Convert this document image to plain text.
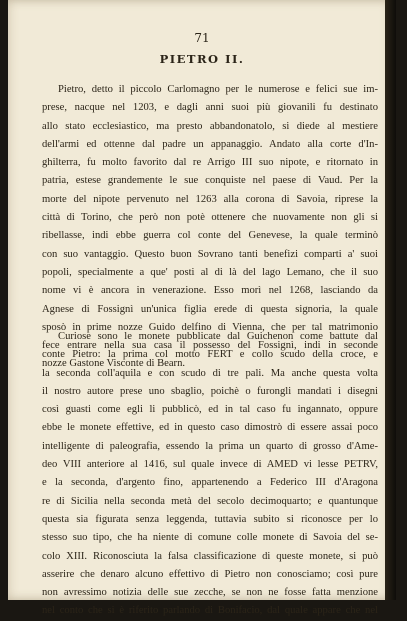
71

PIETRO II.
Pietro, detto il piccolo Carlomagno per le numerose e felici sue im-
prese, nacque nel 1203, e dagli anni suoi più giovanili fu destinato
allo stato ecclesiastico, ma presto abbandonatolo, si diede al mestiere
dell'armi ed ottenne dal padre un appanaggio. Andato alla corte d'In-
ghilterra, fu molto favorito dal re Arrigo III suo nipote, e ritornato in
patria, estese grandemente le sue conquiste nel paese di Vaud. Per la
morte del nipote pervenuto nel 1263 alla corona di Savoia, riprese la
città di Torino, che però non potè ottenere che nuovamente non gli si
ribellasse, indi ebbe guerra col conte del Genevese, la quale terminò
con suo vantaggio. Questo buon Sovrano tanti benefizi comparti a' suoi
popoli, specialmente a que' posti al di là del lago Lemano, che il suo
nome vi è ancora in venerazione. Esso morì nel 1268, lasciando da
Agnese di Fossignì un'unica figlia erede di questa signoria, la quale
sposò in prime nozze Guido delfino di Vienna, che per tal matrimonio
fece entrare nella sua casa il possesso del Fossignì, indi in seconde
nozze Gastone Visconte di Bearn.
Curiose sono le monete pubblicate dal Guichenon come battute dal
conte Pietro: la prima col motto FERT e collo scudo della croce, e
la seconda coll'aquila e con scudo di tre pali. Ma anche questa volta
il nostro autore prese uno sbaglio, poichè o furongli mandati i disegni
così guasti come egli li pubblicò, ed in tal caso fu ingannato, oppure
ebbe le monete effettive, ed in questo caso dimostrò di essere assai poco
intelligente di paleografia, essendo la prima un quarto di grosso d'Ame-
deo VIII anteriore al 1416, sul quale invece di AMED vi lesse PETRV,
e la seconda, d'argento fino, appartenendo a Federico III d'Aragona
re di Sicilia nella seconda metà del secolo decimoquarto; e quantunque
questa sia figurata senza leggenda, tuttavia subito si riconosce per lo
stesso suo tipo, che ha niente di comune colle monete di Savoia del se-
colo XIII. Riconosciuta la falsa classificazione di queste monete, si può
asserire che denaro alcuno effettivo di Pietro non conosciamo; così pure
non avressimo notizia delle sue zecche, se non ne fosse fatta menzione
nel conto che si è riferito parlando di Bonifacio, dal quale appare che nel
